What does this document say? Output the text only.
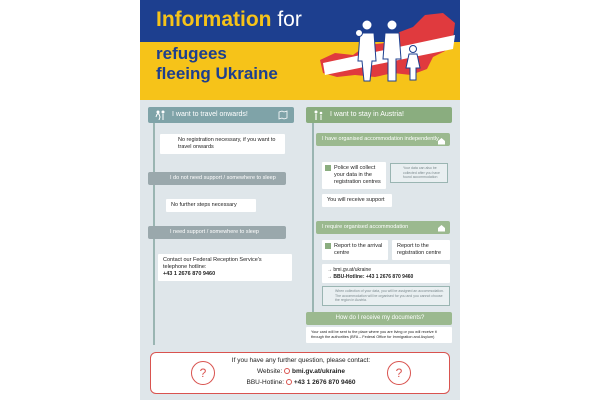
Information for
refugees
fleeing Ukraine
I want to travel onwards!
No registration necessary, if you want to travel onwards
I do not need support / somewhere to sleep
No further steps necessary
I need support / somewhere to sleep
Contact our Federal Reception Service's telephone hotline:
+43 1 2676 870 9460
I want to stay in Austria!
I have organised accommodation independently
Police will collect your data in the registration centres
Your data can also be collected after you have found accommodation
You will receive support
I require organised accommodation
Report to the arrival centre
Report to the registration centre
→ bmi.gv.at/ukraine
→ BBU-Hotline: +43 1 2676 870 9460
When collection of your data, you will be assigned an accommodation. The accommodation will be organised for you and you cannot choose the region in Austria.
How do I receive my documents?
Your card will be sent to the place where you are living or you will receive it through the authorities (BFA – Federal Office for Immigration and Asylum)
?	?
If you have any further question, please contact:
Website: bmi.gv.at/ukraine
BBU-Hotline: +43 1 2676 870 9460
